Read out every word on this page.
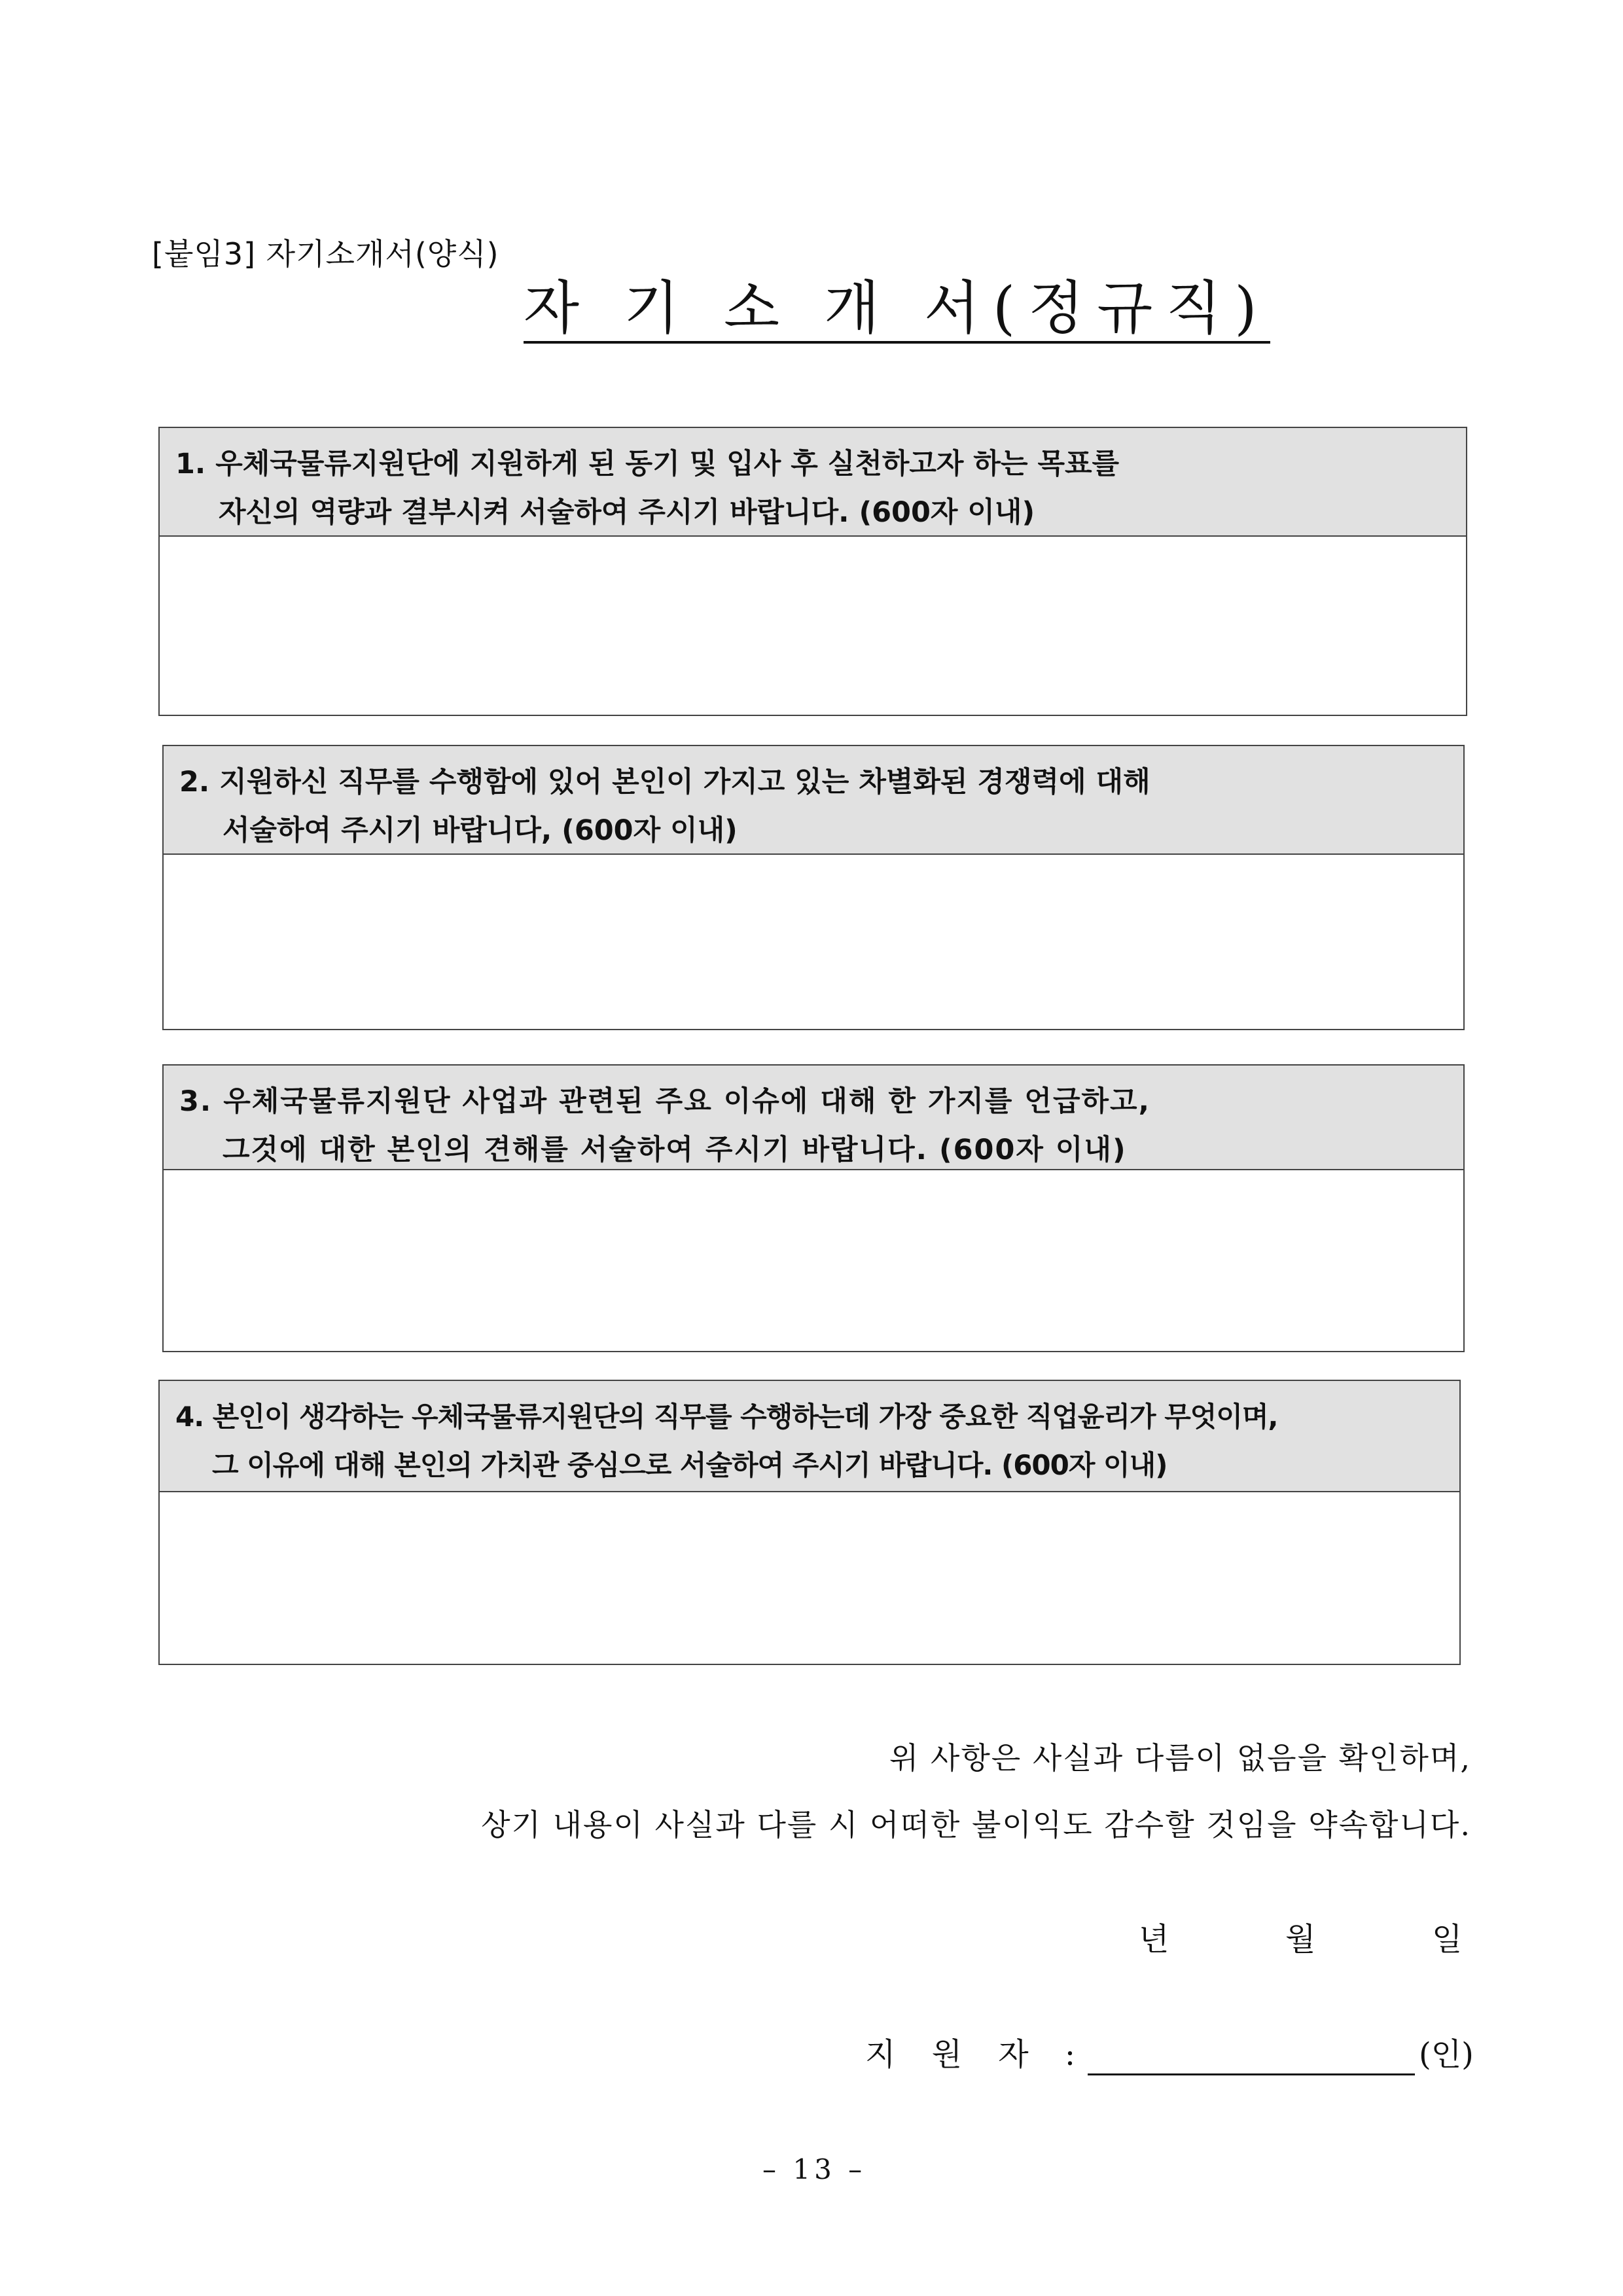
[붙임3] 자기소개서(양식)
자 기 소 개 서(정규직)
1. 우체국물류지원단에 지원하게 된 동기 및 입사 후 실천하고자 하는 목표를
자신의 역량과 결부시켜 서술하여 주시기 바랍니다. (600자 이내)
2. 지원하신 직무를 수행함에 있어 본인이 가지고 있는 차별화된 경쟁력에 대해
서술하여 주시기 바랍니다, (600자 이내)
3. 우체국물류지원단 사업과 관련된 주요 이슈에 대해 한 가지를 언급하고,
그것에 대한 본인의 견해를 서술하여 주시기 바랍니다. (600자 이내)
4. 본인이 생각하는 우체국물류지원단의 직무를 수행하는데 가장 중요한 직업윤리가 무엇이며,
그 이유에 대해 본인의 가치관 중심으로 서술하여 주시기 바랍니다. (600자 이내)
위 사항은 사실과 다름이 없음을 확인하며,
상기 내용이 사실과 다를 시 어떠한 불이익도 감수할 것임을 약속합니다.
년	월	일
지 원 자 :	(인)
– 13 –
